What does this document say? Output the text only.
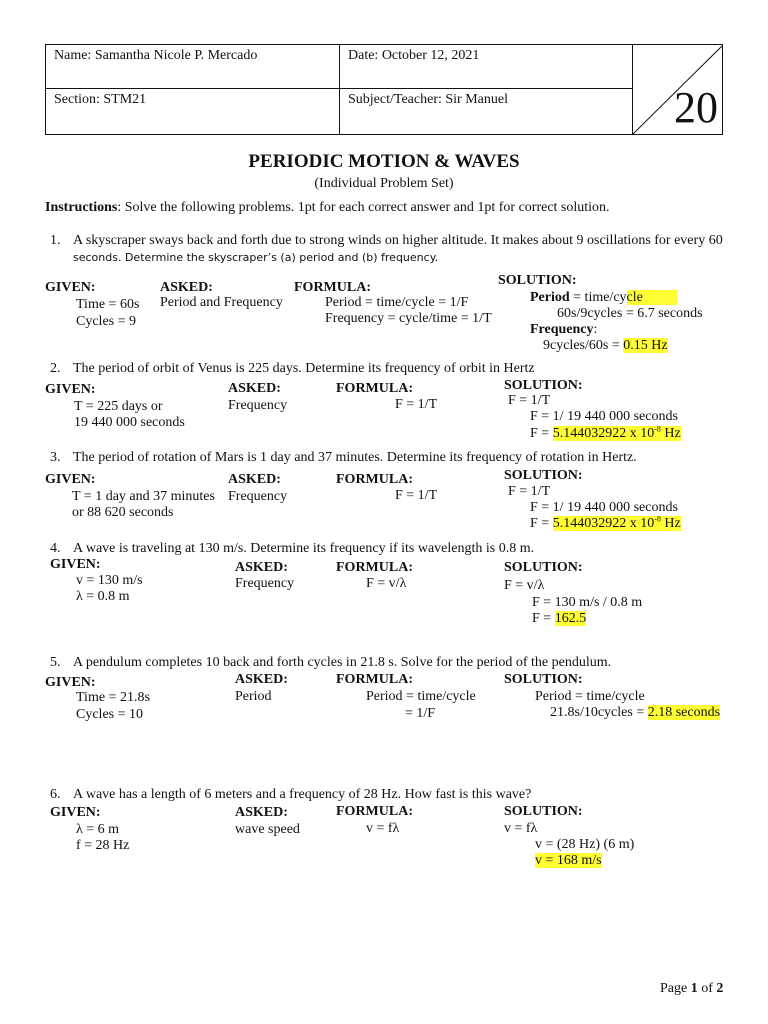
Name: Samantha Nicole P. Mercado	Date: October 12, 2021	20

Section: STM21	Subject/Teacher: Sir Manuel	
PERIODIC MOTION & WAVES
(Individual Problem Set)
Instructions: Solve the following problems. 1pt for each correct answer and 1pt for correct solution.
1. A skyscraper sways back and forth due to strong winds on higher altitude. It makes about 9 oscillations for every 60
seconds. Determine the skyscraper’s (a) period and (b) frequency.
GIVEN:
Time = 60s
Cycles = 9
ASKED:
Period and Frequency
FORMULA:
Period = time/cycle = 1/F
Frequency = cycle/time = 1/T
SOLUTION:
Period = time/cycle
60s/9cycles = 6.7 seconds
Frequency:
9cycles/60s = 0.15 Hz
2. The period of orbit of Venus is 225 days. Determine its frequency of orbit in Hertz
GIVEN:
T = 225 days or
19 440 000 seconds
ASKED:
Frequency
FORMULA:
F = 1/T
SOLUTION:
F = 1/T
F = 1/ 19 440 000 seconds
F = 5.144032922 x $10^{-8}$ Hz
3. The period of rotation of Mars is 1 day and 37 minutes. Determine its frequency of rotation in Hertz.
GIVEN:
T = 1 day and 37 minutes
or 88 620 seconds
ASKED:
Frequency
FORMULA:
F = 1/T
SOLUTION:
F = 1/T
F = 1/ 19 440 000 seconds
F = 5.144032922 x $10^{-8}$ Hz
4. A wave is traveling at 130 m/s. Determine its frequency if its wavelength is 0.8 m.
GIVEN:
v = 130 m/s
λ = 0.8 m
ASKED:
Frequency
FORMULA:
F = v/λ
SOLUTION:
F = v/λ
F = 130 m/s / 0.8 m
F = 162.5
5. A pendulum completes 10 back and forth cycles in 21.8 s. Solve for the period of the pendulum.
GIVEN:
Time = 21.8s
Cycles = 10
ASKED:
Period
FORMULA:
Period = time/cycle
= 1/F
SOLUTION:
Period = time/cycle
21.8s/10cycles = 2.18 seconds
6. A wave has a length of 6 meters and a frequency of 28 Hz. How fast is this wave?
GIVEN:
λ = 6 m
f = 28 Hz
ASKED:
wave speed
FORMULA:
v = fλ
SOLUTION:
v = fλ
v = (28 Hz) (6 m)
v = 168 m/s
Page 1 of 2
